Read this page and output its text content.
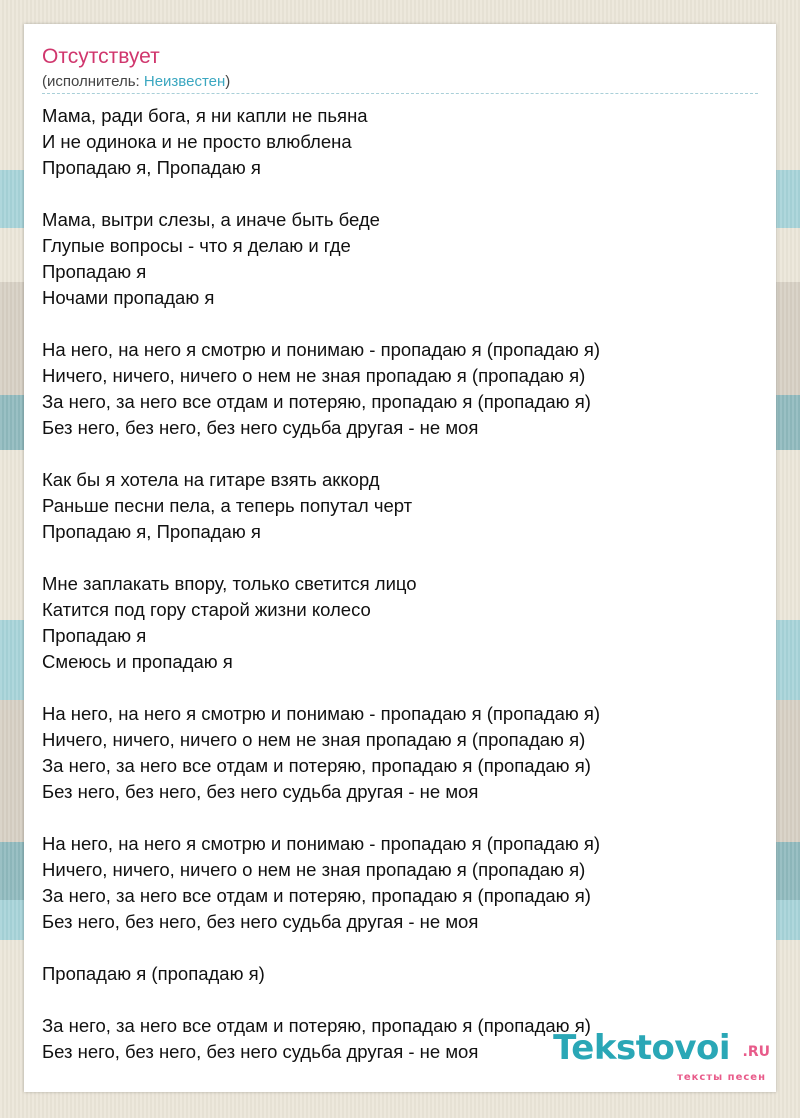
Отсутствует
(исполнитель: Неизвестен)
Мама, ради бога, я ни капли не пьяна
И не одинока и не просто влюблена
Пропадаю я, Пропадаю я
Мама, вытри слезы, а иначе быть беде
Глупые вопросы - что я делаю и где
Пропадаю я
Ночами пропадаю я
На него, на него я смотрю и понимаю - пропадаю я (пропадаю я)
Ничего, ничего, ничего о нем не зная пропадаю я (пропадаю я)
За него, за него все отдам и потеряю, пропадаю я (пропадаю я)
Без него, без него, без него судьба другая - не моя
Как бы я хотела на гитаре взять аккорд
Раньше песни пела, а теперь попутал черт
Пропадаю я, Пропадаю я
Мне заплакать впору, только светится лицо
Катится под гору старой жизни колесо
Пропадаю я
Смеюсь и пропадаю я
На него, на него я смотрю и понимаю - пропадаю я (пропадаю я)
Ничего, ничего, ничего о нем не зная пропадаю я (пропадаю я)
За него, за него все отдам и потеряю, пропадаю я (пропадаю я)
Без него, без него, без него судьба другая - не моя
На него, на него я смотрю и понимаю - пропадаю я (пропадаю я)
Ничего, ничего, ничего о нем не зная пропадаю я (пропадаю я)
За него, за него все отдам и потеряю, пропадаю я (пропадаю я)
Без него, без него, без него судьба другая - не моя
Пропадаю я (пропадаю я)
За него, за него все отдам и потеряю, пропадаю я (пропадаю я)
Без него, без него, без него судьба другая - не моя	Tekstovoi .RU
тексты песен
